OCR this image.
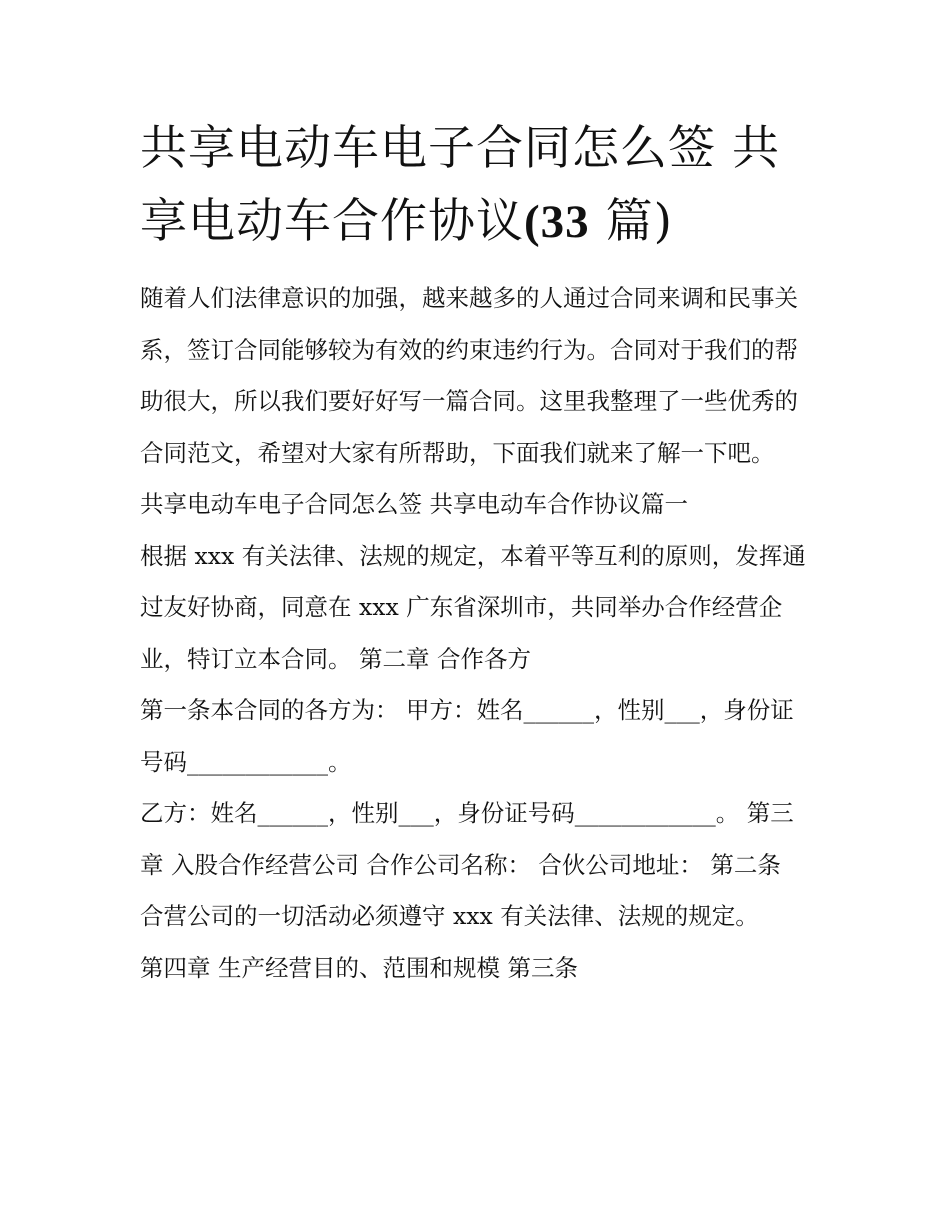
共享电动车电子合同怎么签 共享电动车合作协议(33 篇)

随着人们法律意识的加强，越来越多的人通过合同来调和民事关系，签订合同能够较为有效的约束违约行为。合同对于我们的帮助很大，所以我们要好好写一篇合同。这里我整理了一些优秀的合同范文，希望对大家有所帮助，下面我们就来了解一下吧。

共享电动车电子合同怎么签 共享电动车合作协议篇一

根据 xxx 有关法律、法规的规定，本着平等互利的原则，发挥通过友好协商，同意在 xxx 广东省深圳市，共同举办合作经营企业，特订立本合同。 第二章 合作各方

第一条本合同的各方为： 甲方：姓名______，性别___，身份证号码____________。

乙方：姓名______，性别___，身份证号码____________。 第三章 入股合作经营公司 合作公司名称： 合伙公司地址： 第二条

合营公司的一切活动必须遵守 xxx 有关法律、法规的规定。

第四章 生产经营目的、范围和规模 第三条
